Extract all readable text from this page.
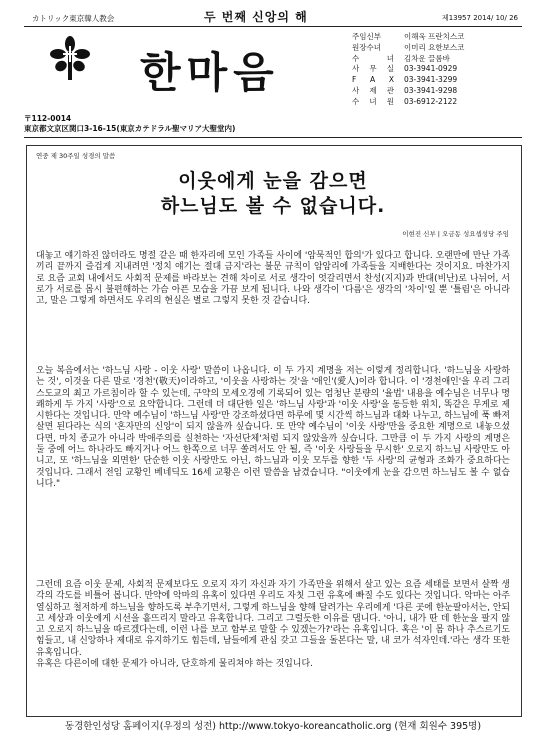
カトリック東京韓人教会	두 번째 신앙의 해	제13957 2014/ 10/ 26
한마음
주임신부	이해욱 프란치스코
원장수녀	이미리 요한보스코
수 녀 김차운 끌롬바
사 무 실 03-3941-0929
F A X 03-3941-3299
사 제 관 03-3941-9298
수 녀 원 03-6912-2122
〒112-0014
東京都文京区関口3-16-15(東京カテドラル聖マリア大聖堂内)
연중 제 30주일 성경의 말씀
이웃에게 눈을 감으면
하느님도 볼 수 없습니다.
이현진 신부 | 오금동 성요셉성당 주임

대놓고 얘기하진 않더라도 명절 같은 때 한자리에 모인 가족들 사이에 '암묵적인 합의'가 있다고 합니다. 오랜만에 만난 가족끼리 끝까지 즐겁게 지내려면 '정치 얘기는 절대 금지'라는 불문 규칙이 암암리에 가족들을 지배한다는 것이지요. 마찬가지로 요즘 교회 내에서도 사회적 문제를 바라보는 견해 차이로 서로 생각이 엇갈리면서 찬성(지지)과 반대(비난)로 나뉘어, 서로가 서로를 몹시 불편해하는 가슴 아픈 모습을 가끔 보게 됩니다. 나와 생각이 '다름'은 생각의 '차이'일 뿐 '틀림'은 아니라고, 말은 그렇게 하면서도 우리의 현실은 별로 그렇지 못한 것 같습니다.

오늘 복음에서는 '하느님 사랑 - 이웃 사랑' 말씀이 나옵니다. 이 두 가지 계명을 저는 이렇게 정리합니다. '하느님을 사랑하는 것', 이것을 다른 말로 '경천'(敬天)이라하고, '이웃을 사랑하는 것'을 '애인'(愛人)이라 합니다. 이 '경천애인'을 우리 그리스도교의 최고 가르침이라 할 수 있는데, 구약의 모세오경에 기록되어 있는 엄청난 분량의 '율법' 내용을 예수님은 너무나 명쾌하게 두 가지 '사랑'으로 요약합니다. 그런데 더 대단한 일은 '하느님 사랑'과 '이웃 사랑'을 동등한 위치, 똑같은 무게로 제시한다는 것입니다. 만약 예수님이 '하느님 사랑'만 강조하셨다면 하루에 몇 시간씩 하느님과 대화 나누고, 하느님에 푹 빠져 살면 된다라는 식의 '혼자만의 신앙'이 되지 않을까 싶습니다. 또 만약 예수님이 '이웃 사랑'만을 중요한 계명으로 내놓으셨다면, 마치 종교가 아니라 박애주의를 실천하는 '자선단체'처럼 되지 않았을까 싶습니다. 그만큼 이 두 가지 사랑의 계명은 둘 중에 어느 하나라도 빠지거나 어느 한쪽으로 너무 쏠려서도 안 될, 즉 '이웃 사랑들을 무시한' 오로지 하느님 사랑만도 아니고, 또 '하느님을 외면한' 단순한 이웃 사랑만도 아닌, 하느님과 이웃 모두를 향한 '두 사랑'의 균형과 조화가 중요하다는 것입니다. 그래서 전임 교황인 베네딕도 16세 교황은 이런 말씀을 남겼습니다. "이웃에게 눈을 감으면 하느님도 볼 수 없습니다."

그런데 요즘 이웃 문제, 사회적 문제보다도 오로지 자기 자신과 자기 가족만을 위해서 살고 있는 요즘 세태를 보면서 살짝 생각의 각도를 비틀어 봅니다. 만약에 악마의 유혹이 있다면 우리도 자칫 그런 유혹에 빠질 수도 있다는 것입니다. 악마는 아주 열심하고 철저하게 하느님을 향하도록 부추기면서, 그렇게 하느님을 향해 달려가는 우리에게 '다른 곳에 한눈팔아서는, 안되고 세상과 이웃에게 시선을 흩뜨리지 말라고 유혹합니다. 그리고 그럴듯한 이유를 댑니다. '아니, 내가 딴 데 한눈을 팔지 않고 오로지 하느님을 따르겠다는데, 이런 나를 보고 함부로 말할 수 있겠는가?'라는 유혹입니다. 혹은 '이 몸 하나 추스르기도 힘들고, 내 신앙하나 제대로 유지하기도 힘든데, 남들에게 관심 갖고 그들을 돌본다는 말, 내 코가 석자인데.'라는 생각 또한 유혹입니다.
유혹은 다른이에 대한 문제가 아니라, 단호하게 물리쳐야 하는 것입니다.

동경한인성당 홈페이지(우정의 성전) http://www.tokyo-koreancatholic.org (현재 회원수 395명)
